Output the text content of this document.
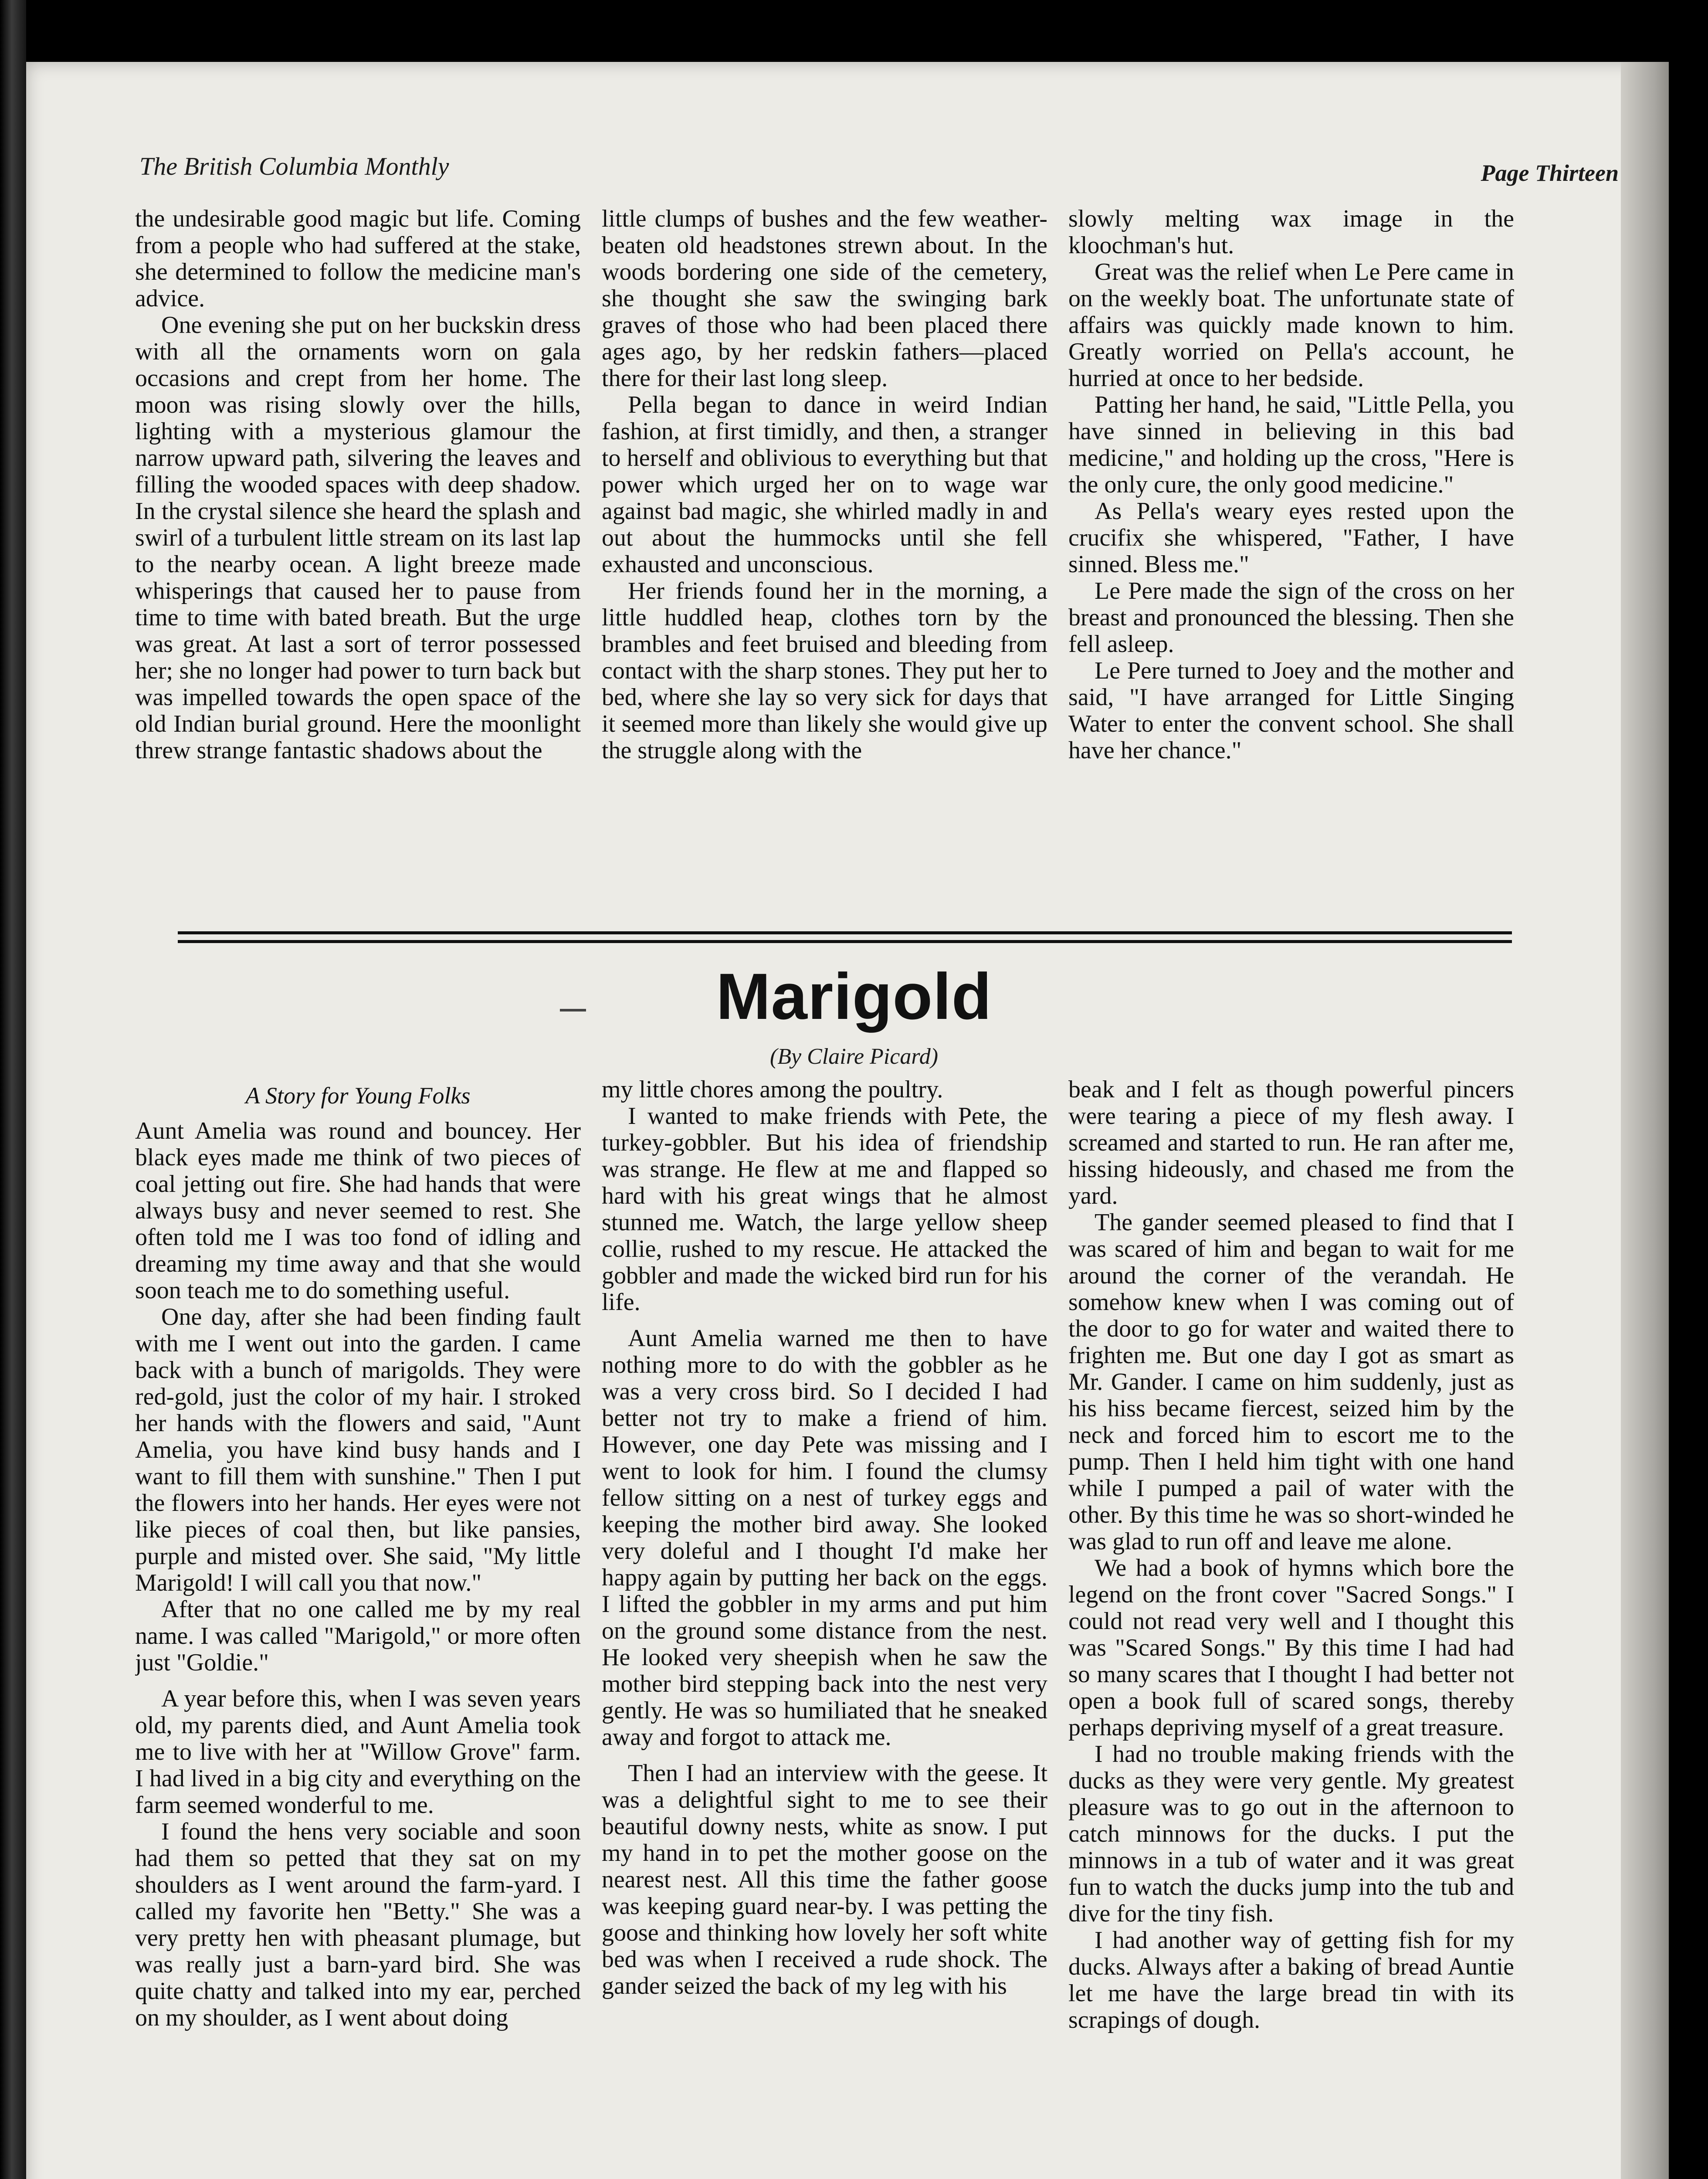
The British Columbia Monthly	Page Thirteen

the undesirable good magic but life. Coming from a people who had suffered at the stake, she determined to follow the medicine man's advice.

One evening she put on her buckskin dress with all the ornaments worn on gala occasions and crept from her home. The moon was rising slowly over the hills, lighting with a mysterious glamour the narrow upward path, silvering the leaves and filling the wooded spaces with deep shadow. In the crystal silence she heard the splash and swirl of a turbulent little stream on its last lap to the nearby ocean. A light breeze made whisperings that caused her to pause from time to time with bated breath. But the urge was great. At last a sort of terror possessed her; she no longer had power to turn back but was impelled towards the open space of the old Indian burial ground. Here the moonlight threw strange fantastic shadows about the

little clumps of bushes and the few weather-beaten old headstones strewn about. In the woods bordering one side of the cemetery, she thought she saw the swinging bark graves of those who had been placed there ages ago, by her redskin fathers—placed there for their last long sleep.

Pella began to dance in weird Indian fashion, at first timidly, and then, a stranger to herself and oblivious to everything but that power which urged her on to wage war against bad magic, she whirled madly in and out about the hummocks until she fell exhausted and unconscious.

Her friends found her in the morning, a little huddled heap, clothes torn by the brambles and feet bruised and bleeding from contact with the sharp stones. They put her to bed, where she lay so very sick for days that it seemed more than likely she would give up the struggle along with the

slowly melting wax image in the kloochman's hut.

Great was the relief when Le Pere came in on the weekly boat. The unfortunate state of affairs was quickly made known to him. Greatly worried on Pella's account, he hurried at once to her bedside.

Patting her hand, he said, "Little Pella, you have sinned in believing in this bad medicine," and holding up the cross, "Here is the only cure, the only good medicine."

As Pella's weary eyes rested upon the crucifix she whispered, "Father, I have sinned. Bless me."

Le Pere made the sign of the cross on her breast and pronounced the blessing. Then she fell asleep.

Le Pere turned to Joey and the mother and said, "I have arranged for Little Singing Water to enter the convent school. She shall have her chance."

Marigold
(By Claire Picard)
A Story for Young Folks

Aunt Amelia was round and bouncey. Her black eyes made me think of two pieces of coal jetting out fire. She had hands that were always busy and never seemed to rest. She often told me I was too fond of idling and dreaming my time away and that she would soon teach me to do something useful.

One day, after she had been finding fault with me I went out into the garden. I came back with a bunch of marigolds. They were red-gold, just the color of my hair. I stroked her hands with the flowers and said, "Aunt Amelia, you have kind busy hands and I want to fill them with sunshine." Then I put the flowers into her hands. Her eyes were not like pieces of coal then, but like pansies, purple and misted over. She said, "My little Marigold! I will call you that now."

After that no one called me by my real name. I was called "Marigold," or more often just "Goldie."

A year before this, when I was seven years old, my parents died, and Aunt Amelia took me to live with her at "Willow Grove" farm. I had lived in a big city and everything on the farm seemed wonderful to me.

I found the hens very sociable and soon had them so petted that they sat on my shoulders as I went around the farm-yard. I called my favorite hen "Betty." She was a very pretty hen with pheasant plumage, but was really just a barn-yard bird. She was quite chatty and talked into my ear, perched on my shoulder, as I went about doing

my little chores among the poultry.

I wanted to make friends with Pete, the turkey-gobbler. But his idea of friendship was strange. He flew at me and flapped so hard with his great wings that he almost stunned me. Watch, the large yellow sheep collie, rushed to my rescue. He attacked the gobbler and made the wicked bird run for his life.

Aunt Amelia warned me then to have nothing more to do with the gobbler as he was a very cross bird. So I decided I had better not try to make a friend of him. However, one day Pete was missing and I went to look for him. I found the clumsy fellow sitting on a nest of turkey eggs and keeping the mother bird away. She looked very doleful and I thought I'd make her happy again by putting her back on the eggs. I lifted the gobbler in my arms and put him on the ground some distance from the nest. He looked very sheepish when he saw the mother bird stepping back into the nest very gently. He was so humiliated that he sneaked away and forgot to attack me.

Then I had an interview with the geese. It was a delightful sight to me to see their beautiful downy nests, white as snow. I put my hand in to pet the mother goose on the nearest nest. All this time the father goose was keeping guard near-by. I was petting the goose and thinking how lovely her soft white bed was when I received a rude shock. The gander seized the back of my leg with his

beak and I felt as though powerful pincers were tearing a piece of my flesh away. I screamed and started to run. He ran after me, hissing hideously, and chased me from the yard.

The gander seemed pleased to find that I was scared of him and began to wait for me around the corner of the verandah. He somehow knew when I was coming out of the door to go for water and waited there to frighten me. But one day I got as smart as Mr. Gander. I came on him suddenly, just as his hiss became fiercest, seized him by the neck and forced him to escort me to the pump. Then I held him tight with one hand while I pumped a pail of water with the other. By this time he was so short-winded he was glad to run off and leave me alone.

We had a book of hymns which bore the legend on the front cover "Sacred Songs." I could not read very well and I thought this was "Scared Songs." By this time I had had so many scares that I thought I had better not open a book full of scared songs, thereby perhaps depriving myself of a great treasure.

I had no trouble making friends with the ducks as they were very gentle. My greatest pleasure was to go out in the afternoon to catch minnows for the ducks. I put the minnows in a tub of water and it was great fun to watch the ducks jump into the tub and dive for the tiny fish.

I had another way of getting fish for my ducks. Always after a baking of bread Auntie let me have the large bread tin with its scrapings of dough.
